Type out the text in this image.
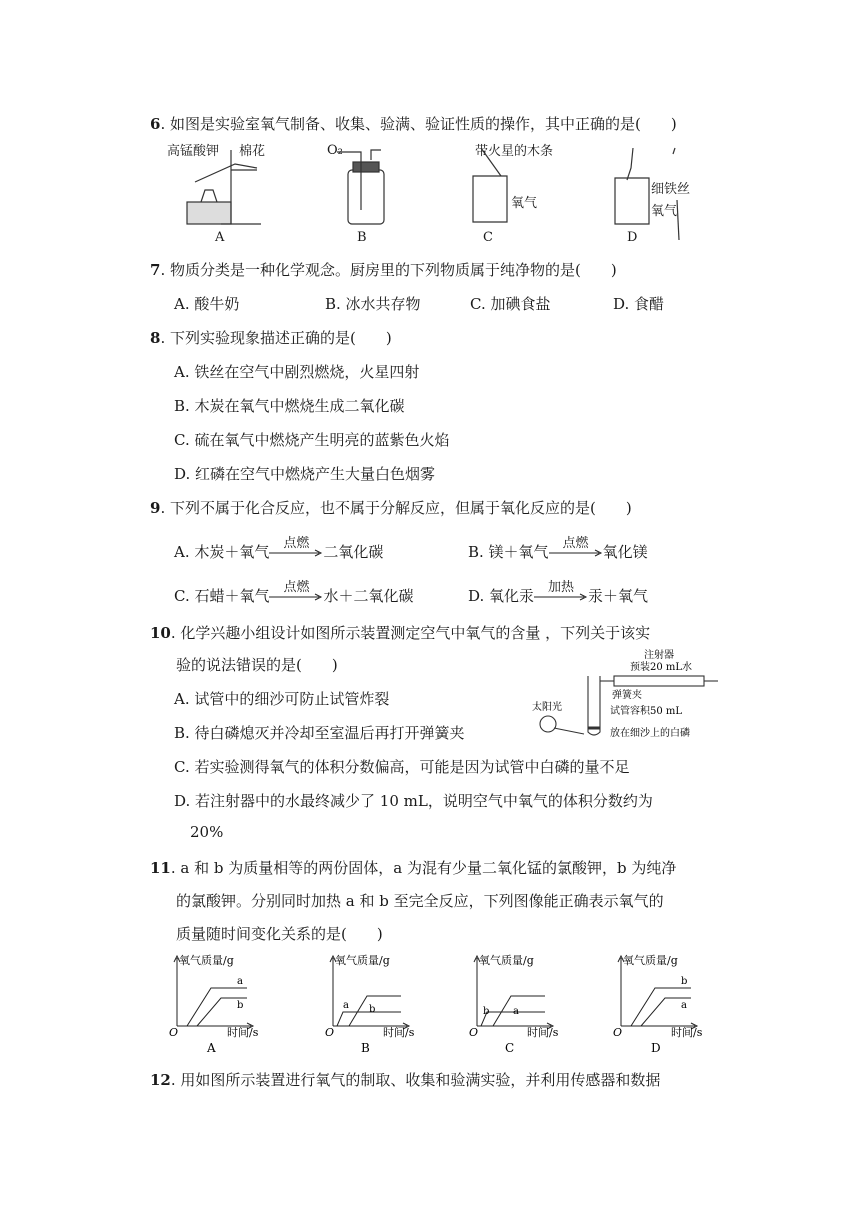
6. 如图是实验室氧气制备、收集、验满、验证性质的操作，其中正确的是(　　)
高锰酸钾 棉花	O₂	带火星的木条
氧气
细铁丝
氧气
A	B	C	D
7. 物质分类是一种化学观念。厨房里的下列物质属于纯净物的是(　　)
A. 酸牛奶	B. 冰水共存物	C. 加碘食盐	D. 食醋
8. 下列实验现象描述正确的是(　　)
A. 铁丝在空气中剧烈燃烧，火星四射
B. 木炭在氧气中燃烧生成二氧化碳
C. 硫在氧气中燃烧产生明亮的蓝紫色火焰
D. 红磷在空气中燃烧产生大量白色烟雾
9. 下列不属于化合反应，也不属于分解反应，但属于氧化反应的是(　　)
A. 木炭＋氧气	点燃 二氧化碳	B. 镁＋氧气	点燃 氧化镁
C. 石蜡＋氧气	点燃 水＋二氧化碳	D. 氧化汞	加热 汞＋氧气
10. 化学兴趣小组设计如图所示装置测定空气中氧气的含量 ，下列关于该实
验的说法错误的是(　　)
A. 试管中的细沙可防止试管炸裂
B. 待白磷熄灭并冷却至室温后再打开弹簧夹
C. 若实验测得氧气的体积分数偏高，可能是因为试管中白磷的量不足
D. 若注射器中的水最终减少了 10 mL，说明空气中氧气的体积分数约为
20%
注射器
预装20 mL水
弹簧夹
太阳光	试管容积50 mL
放在细沙上的白磷
11. a 和 b 为质量相等的两份固体，a 为混有少量二氧化锰的氯酸钾，b 为纯净
的氯酸钾。分别同时加热 a 和 b 至完全反应，下列图像能正确表示氧气的
质量随时间变化关系的是(　　)
氧气质量/g
时间/s
O
a
b
A
氧气质量/g
时间/s
O
a b
B
氧气质量/g
时间/s
O
b a
C
氧气质量/g
时间/s
O
b
a
D
12. 用如图所示装置进行氧气的制取、收集和验满实验，并利用传感器和数据
